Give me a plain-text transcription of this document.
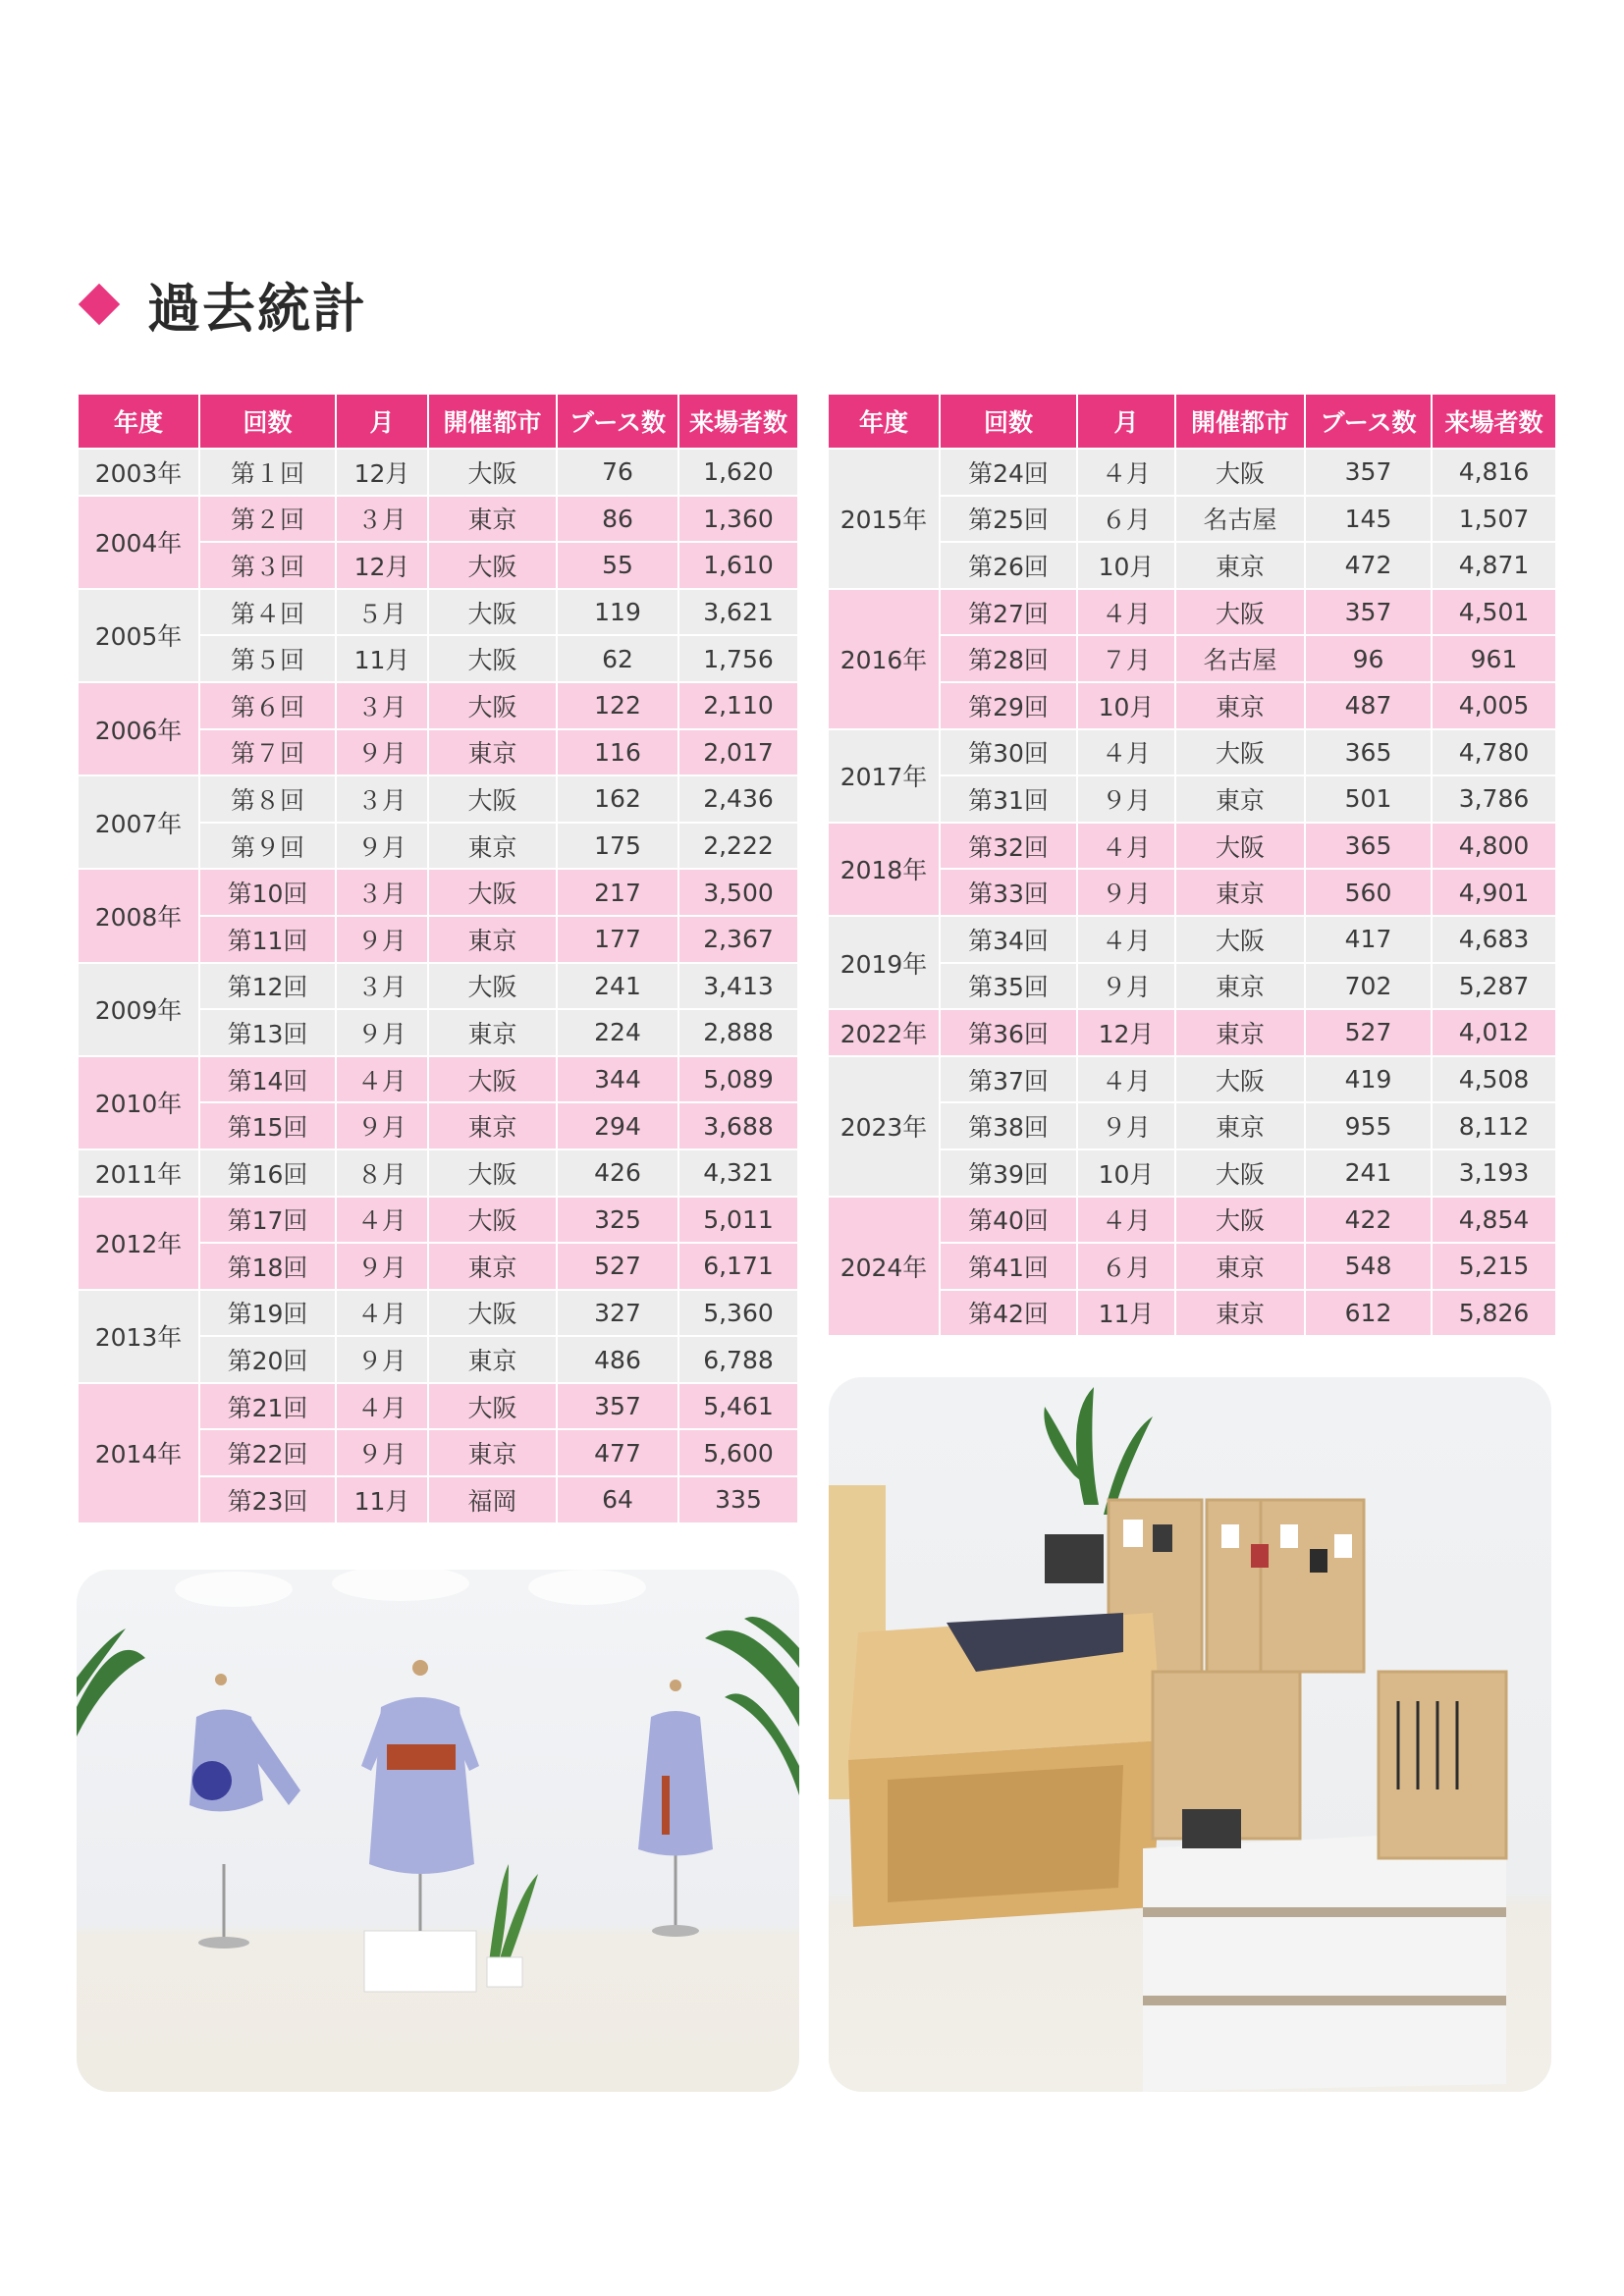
過去統計
年度	回数	月	開催都市	ブース数	来場者数
2003年	第１回	12月	大阪	76	1,620
2004年	第２回	３月	東京	86	1,360
	第３回	12月	大阪	55	1,610
2005年	第４回	５月	大阪	119	3,621
	第５回	11月	大阪	62	1,756
2006年	第６回	３月	大阪	122	2,110
	第７回	９月	東京	116	2,017
2007年	第８回	３月	大阪	162	2,436
	第９回	９月	東京	175	2,222
2008年	第10回	３月	大阪	217	3,500
	第11回	９月	東京	177	2,367
2009年	第12回	３月	大阪	241	3,413
	第13回	９月	東京	224	2,888
2010年	第14回	４月	大阪	344	5,089
	第15回	９月	東京	294	3,688
2011年	第16回	８月	大阪	426	4,321
2012年	第17回	４月	大阪	325	5,011
	第18回	９月	東京	527	6,171
2013年	第19回	４月	大阪	327	5,360
	第20回	９月	東京	486	6,788
2014年	第21回	４月	大阪	357	5,461
	第22回	９月	東京	477	5,600
	第23回	11月	福岡	64	335
年度	回数	月	開催都市	ブース数	来場者数
2015年	第24回	４月	大阪	357	4,816
	第25回	６月	名古屋	145	1,507
	第26回	10月	東京	472	4,871
2016年	第27回	４月	大阪	357	4,501
	第28回	７月	名古屋	96	961
	第29回	10月	東京	487	4,005
2017年	第30回	４月	大阪	365	4,780
	第31回	９月	東京	501	3,786
2018年	第32回	４月	大阪	365	4,800
	第33回	９月	東京	560	4,901
2019年	第34回	４月	大阪	417	4,683
	第35回	９月	東京	702	5,287
2022年	第36回	12月	東京	527	4,012
2023年	第37回	４月	大阪	419	4,508
	第38回	９月	東京	955	8,112
	第39回	10月	大阪	241	3,193
2024年	第40回	４月	大阪	422	4,854
	第41回	６月	東京	548	5,215
	第42回	11月	東京	612	5,826
